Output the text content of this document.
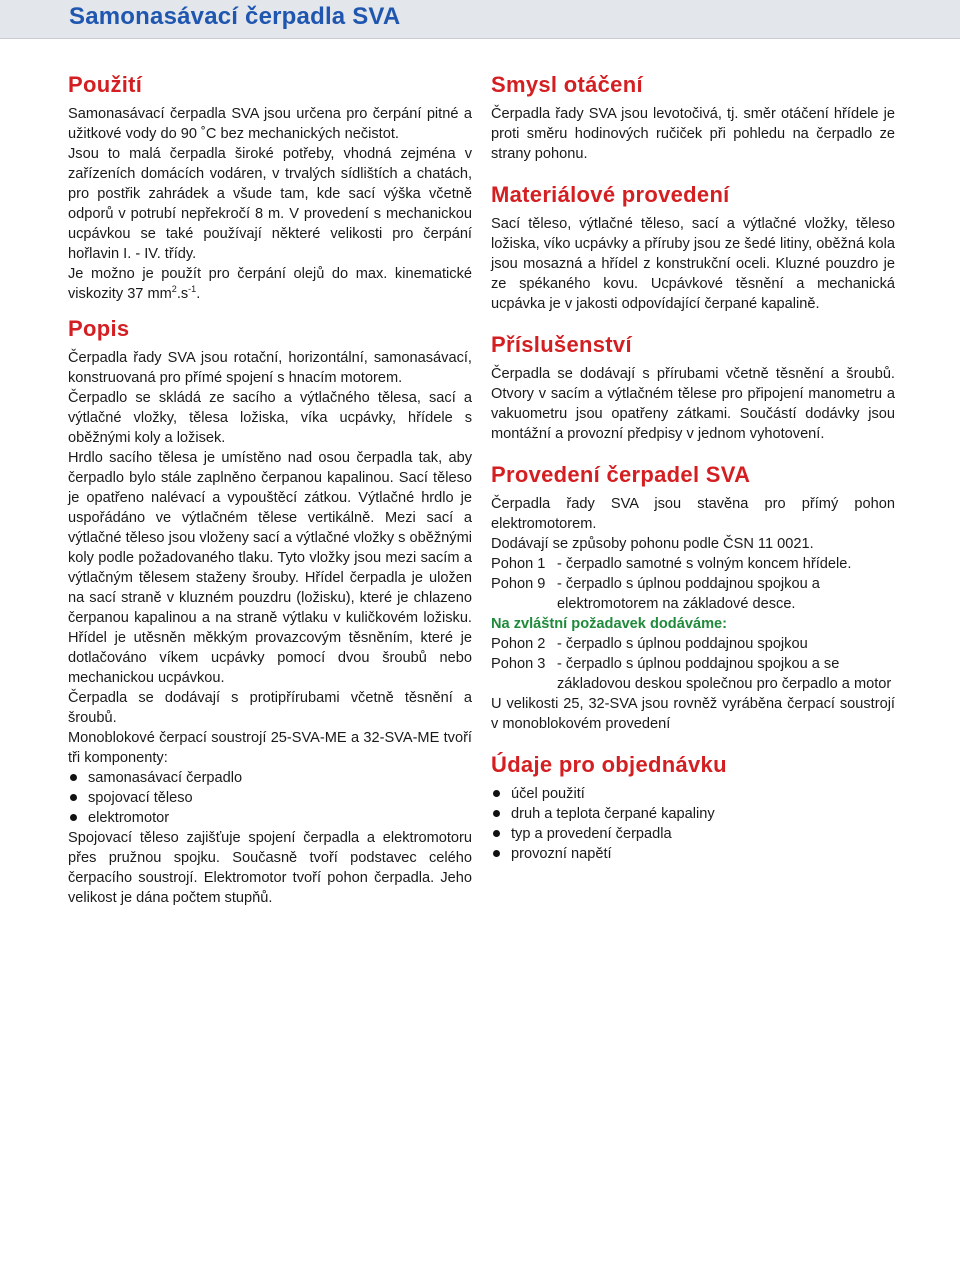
Samonasávací čerpadla SVA
Použití

Samonasávací čerpadla SVA jsou určena pro čerpání pitné a užitkové vody do 90 ˚C bez mechanických nečistot.

Jsou to malá čerpadla široké potřeby, vhodná zejména v zařízeních domácích vodáren, v trvalých sídlištích a chatách, pro postřik zahrádek a všude tam, kde sací výška včetně odporů v potrubí nepřekročí 8 m. V provedení s mechanickou ucpávkou se také používají některé velikosti pro čerpání hořlavin I. - IV. třídy.

Je možno je použít pro čerpání olejů do max. kinematické viskozity 37 $mm^2.s^{-1}$.

Popis

Čerpadla řady SVA jsou rotační, horizontální, samonasávací, konstruovaná pro přímé spojení s hnacím motorem.

Čerpadlo se skládá ze sacího a výtlačného tělesa, sací a výtlačné vložky, tělesa ložiska, víka ucpávky, hřídele s oběžnými koly a ložisek.

Hrdlo sacího tělesa je umístěno nad osou čerpadla tak, aby čerpadlo bylo stále zaplněno čerpanou kapalinou. Sací těleso je opatřeno nalévací a vypouštěcí zátkou. Výtlačné hrdlo je uspořádáno ve výtlačném tělese vertikálně. Mezi sací a výtlačné těleso jsou vloženy sací a výtlačné vložky s oběžnými koly podle požadovaného tlaku. Tyto vložky jsou mezi sacím a výtlačným tělesem staženy šrouby. Hřídel čerpadla je uložen na sací straně v kluzném pouzdru (ložisku), které je chlazeno čerpanou kapalinou a na straně výtlaku v kuličkovém ložisku. Hřídel je utěsněn měkkým provazcovým těsněním, které je dotlačováno víkem ucpávky pomocí dvou šroubů nebo mechanickou ucpávkou.

Čerpadla se dodávají s protipřírubami včetně těsnění a šroubů.

Monoblokové čerpací soustrojí 25-SVA-ME a 32-SVA-ME tvoří tři komponenty:

samonasávací čerpadlo
spojovací těleso
elektromotor

Spojovací těleso zajišťuje spojení čerpadla a elektromotoru přes pružnou spojku. Současně tvoří podstavec celého čerpacího soustrojí. Elektromotor tvoří pohon čerpadla. Jeho velikost je dána počtem stupňů.

Smysl otáčení

Čerpadla řady SVA jsou levotočivá, tj. směr otáčení hřídele je proti směru hodinových ručiček při pohledu na čerpadlo ze strany pohonu.

Materiálové provedení

Sací těleso, výtlačné těleso, sací a výtlačné vložky, těleso ložiska, víko ucpávky a příruby jsou ze šedé litiny, oběžná kola jsou mosazná a hřídel z konstrukční oceli. Kluzné pouzdro je ze spékaného kovu. Ucpávkové těsnění a mechanická ucpávka je v jakosti odpovídající čerpané kapalině.

Příslušenství

Čerpadla se dodávají s přírubami včetně těsnění a šroubů. Otvory v sacím a výtlačném tělese pro připojení manometru a vakuometru jsou opatřeny zátkami. Součástí dodávky jsou montážní a provozní předpisy v jednom vyhotovení.

Provedení čerpadel SVA

Čerpadla řady SVA jsou stavěna pro přímý pohon elektromotorem.

Dodávají se způsoby pohonu podle ČSN 11 0021.

Pohon 1 - čerpadlo samotné s volným koncem hřídele.
Pohon 9 - čerpadlo s úplnou poddajnou spojkou a elektromotorem na základové desce.

Na zvláštní požadavek dodáváme:

Pohon 2 - čerpadlo s úplnou poddajnou spojkou
Pohon 3 - čerpadlo s úplnou poddajnou spojkou a se základovou deskou společnou pro čerpadlo a motor

U velikosti 25, 32-SVA jsou rovněž vyráběna čerpací soustrojí v monoblokovém provedení

Údaje pro objednávku
účel použití
druh a teplota čerpané kapaliny
typ a provedení čerpadla
provozní napětí
